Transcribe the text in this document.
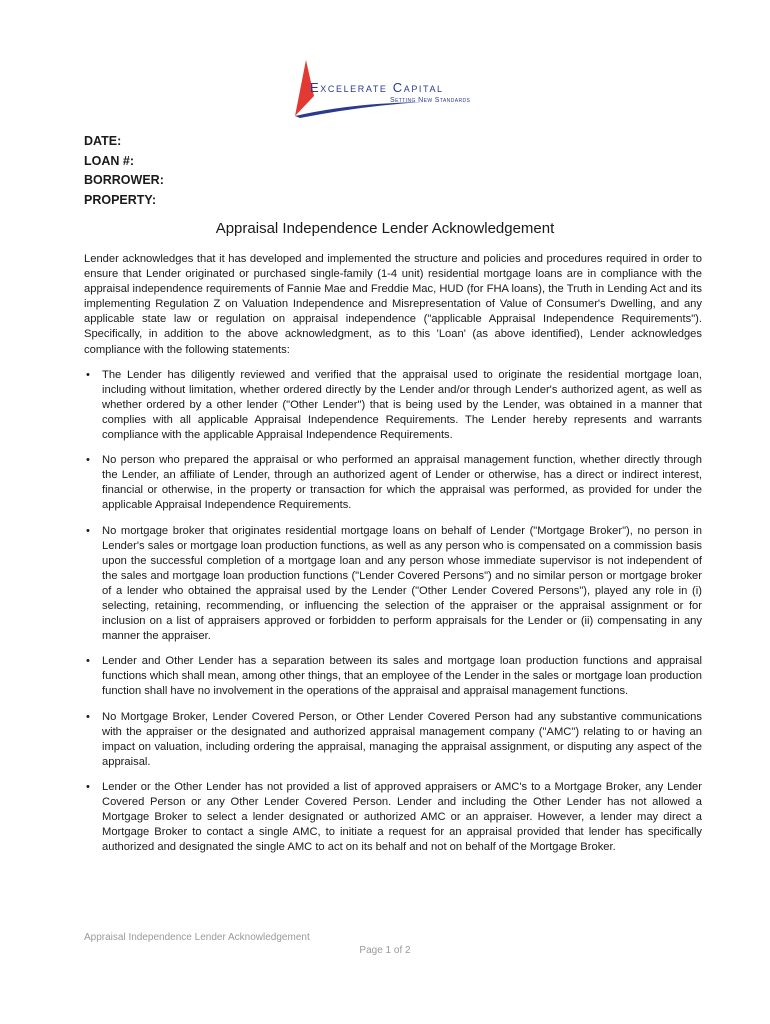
Excelerate Capital
Setting New Standards
DATE:
LOAN #:
BORROWER:
PROPERTY:
Appraisal Independence Lender Acknowledgement

Lender acknowledges that it has developed and implemented the structure and policies and procedures required in order to ensure that Lender originated or purchased single-family (1-4 unit) residential mortgage loans are in compliance with the appraisal independence requirements of Fannie Mae and Freddie Mac, HUD (for FHA loans), the Truth in Lending Act and its implementing Regulation Z on Valuation Independence and Misrepresentation of Value of Consumer's Dwelling, and any applicable state law or regulation on appraisal independence ("applicable Appraisal Independence Requirements"). Specifically, in addition to the above acknowledgment, as to this 'Loan' (as above identified), Lender acknowledges compliance with the following statements:

• The Lender has diligently reviewed and verified that the appraisal used to originate the residential mortgage loan, including without limitation, whether ordered directly by the Lender and/or through Lender's authorized agent, as well as whether ordered by a other lender ("Other Lender") that is being used by the Lender, was obtained in a manner that complies with all applicable Appraisal Independence Requirements. The Lender hereby represents and warrants compliance with the applicable Appraisal Independence Requirements.
• No person who prepared the appraisal or who performed an appraisal management function, whether directly through the Lender, an affiliate of Lender, through an authorized agent of Lender or otherwise, has a direct or indirect interest, financial or otherwise, in the property or transaction for which the appraisal was performed, as provided for under the applicable Appraisal Independence Requirements.
• No mortgage broker that originates residential mortgage loans on behalf of Lender ("Mortgage Broker"), no person in Lender's sales or mortgage loan production functions, as well as any person who is compensated on a commission basis upon the successful completion of a mortgage loan and any person whose immediate supervisor is not independent of the sales and mortgage loan production functions ("Lender Covered Persons") and no similar person or mortgage broker of a lender who obtained the appraisal used by the Lender ("Other Lender Covered Persons"), played any role in (i) selecting, retaining, recommending, or influencing the selection of the appraiser or the appraisal assignment or for inclusion on a list of appraisers approved or forbidden to perform appraisals for the Lender or (ii) compensating in any manner the appraiser.
• Lender and Other Lender has a separation between its sales and mortgage loan production functions and appraisal functions which shall mean, among other things, that an employee of the Lender in the sales or mortgage loan production function shall have no involvement in the operations of the appraisal and appraisal management functions.
• No Mortgage Broker, Lender Covered Person, or Other Lender Covered Person had any substantive communications with the appraiser or the designated and authorized appraisal management company ("AMC") relating to or having an impact on valuation, including ordering the appraisal, managing the appraisal assignment, or disputing any aspect of the appraisal.
• Lender or the Other Lender has not provided a list of approved appraisers or AMC's to a Mortgage Broker, any Lender Covered Person or any Other Lender Covered Person. Lender and including the Other Lender has not allowed a Mortgage Broker to select a lender designated or authorized AMC or an appraiser. However, a lender may direct a Mortgage Broker to contact a single AMC, to initiate a request for an appraisal provided that lender has specifically authorized and designated the single AMC to act on its behalf and not on behalf of the Mortgage Broker.
Appraisal Independence Lender Acknowledgement
Page 1 of 2
